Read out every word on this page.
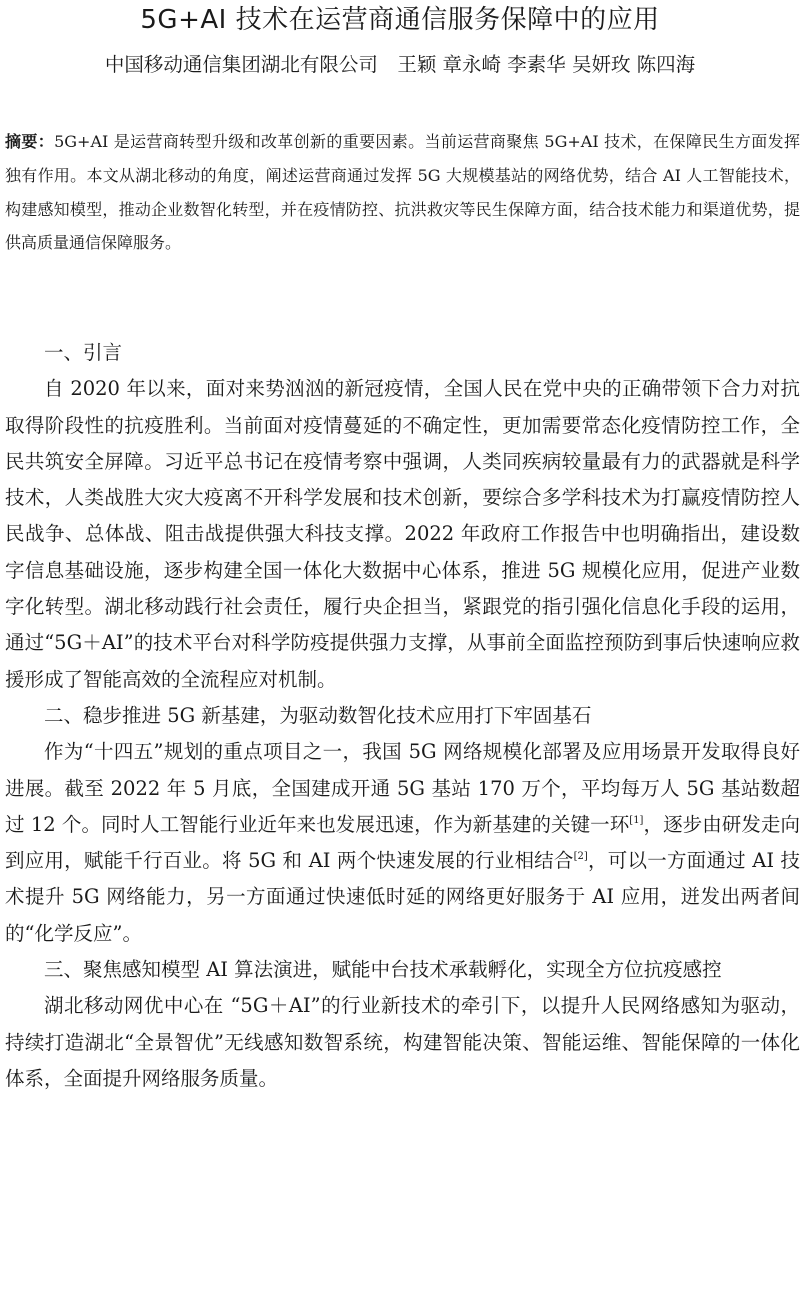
5G+AI 技术在运营商通信服务保障中的应用
中国移动通信集团湖北有限公司　王颖 章永崎 李素华 吴妍玫 陈四海
摘要：5G+AI 是运营商转型升级和改革创新的重要因素。当前运营商聚焦 5G+AI 技术，在保障民生方面发挥独有作用。本文从湖北移动的角度，阐述运营商通过发挥 5G 大规模基站的网络优势，结合 AI 人工智能技术，构建感知模型，推动企业数智化转型，并在疫情防控、抗洪救灾等民生保障方面，结合技术能力和渠道优势，提供高质量通信保障服务。
一、引言

自 2020 年以来，面对来势汹汹的新冠疫情，全国人民在党中央的正确带领下合力对抗取得阶段性的抗疫胜利。当前面对疫情蔓延的不确定性，更加需要常态化疫情防控工作，全民共筑安全屏障。习近平总书记在疫情考察中强调，人类同疾病较量最有力的武器就是科学技术，人类战胜大灾大疫离不开科学发展和技术创新，要综合多学科技术为打赢疫情防控人民战争、总体战、阻击战提供强大科技支撑。2022 年政府工作报告中也明确指出，建设数字信息基础设施，逐步构建全国一体化大数据中心体系，推进 5G 规模化应用，促进产业数字化转型。湖北移动践行社会责任，履行央企担当，紧跟党的指引强化信息化手段的运用，通过“5G＋AI”的技术平台对科学防疫提供强力支撑，从事前全面监控预防到事后快速响应救援形成了智能高效的全流程应对机制。

二、稳步推进 5G 新基建，为驱动数智化技术应用打下牢固基石

作为“十四五”规划的重点项目之一，我国 5G 网络规模化部署及应用场景开发取得良好进展。截至 2022 年 5 月底，全国建成开通 5G 基站 170 万个，平均每万人 5G 基站数超过 12 个。同时人工智能行业近年来也发展迅速，作为新基建的关键一环[1]，逐步由研发走向到应用，赋能千行百业。将 5G 和 AI 两个快速发展的行业相结合[2]，可以一方面通过 AI 技术提升 5G 网络能力，另一方面通过快速低时延的网络更好服务于 AI 应用，迸发出两者间的“化学反应”。

三、聚焦感知模型 AI 算法演进，赋能中台技术承载孵化，实现全方位抗疫感控

湖北移动网优中心在 “5G＋AI”的行业新技术的牵引下，以提升人民网络感知为驱动，持续打造湖北“全景智优”无线感知数智系统，构建智能决策、智能运维、智能保障的一体化体系，全面提升网络服务质量。
